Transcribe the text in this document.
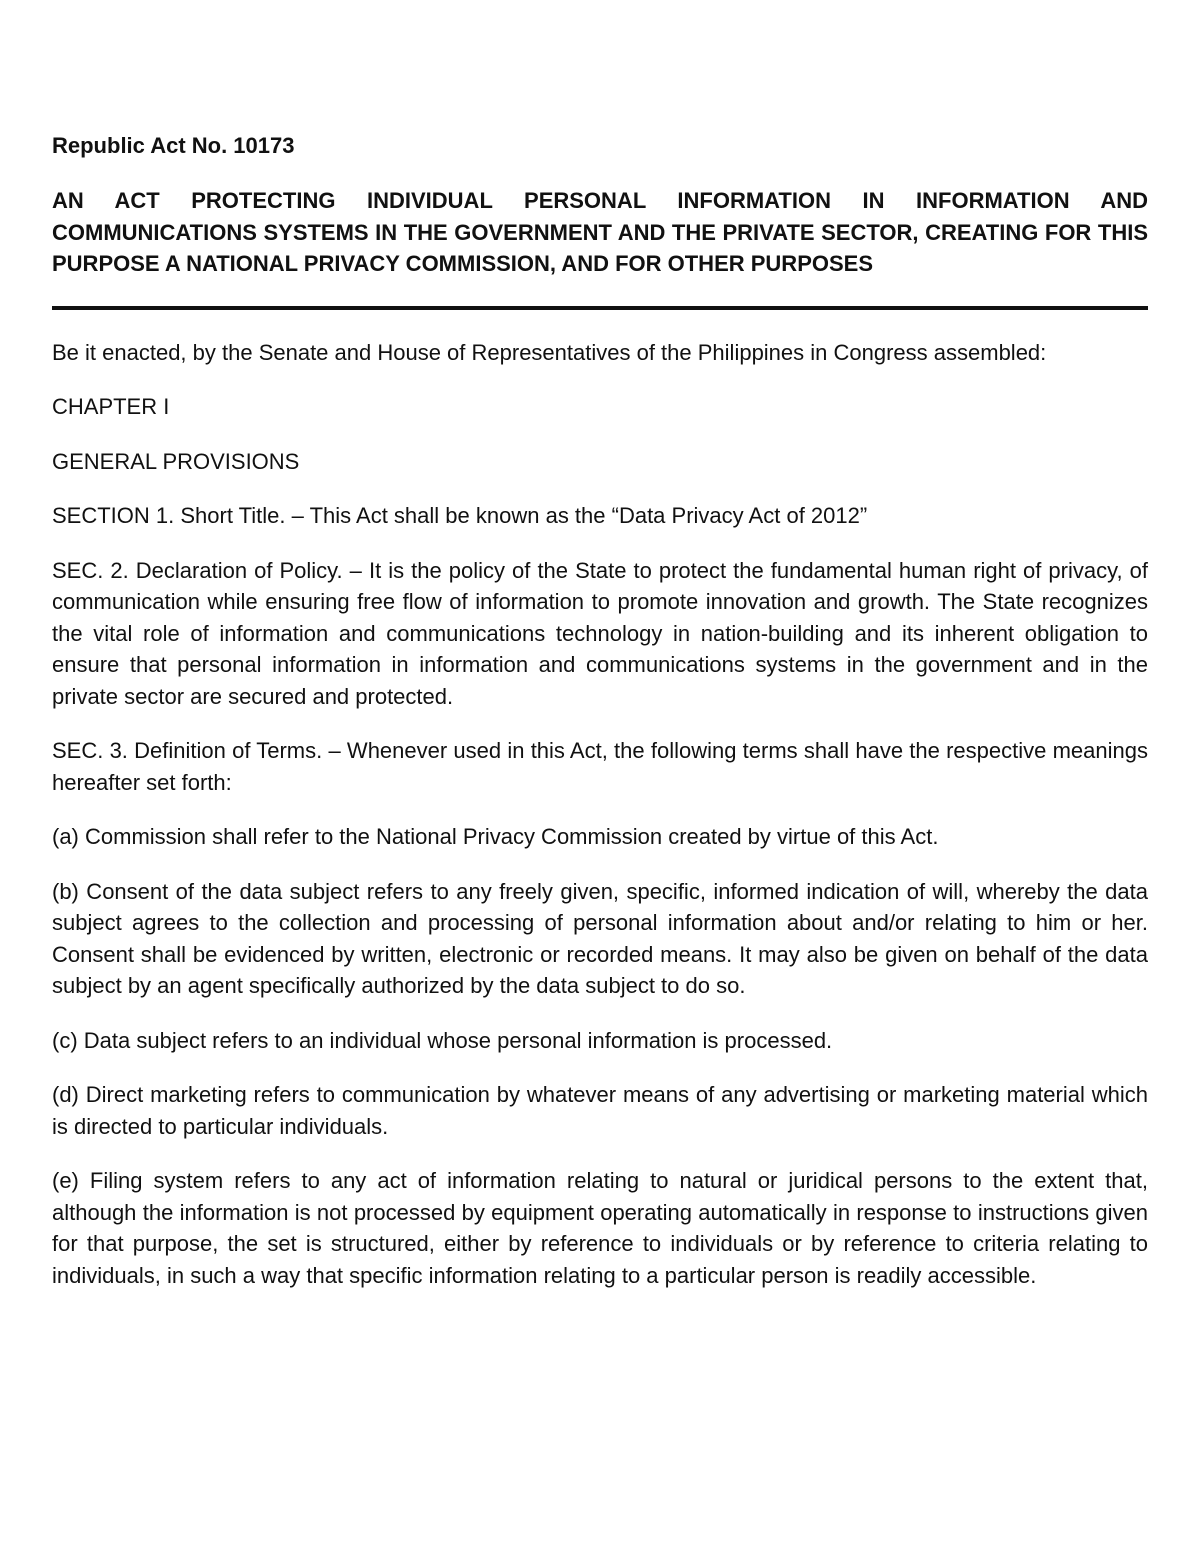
Republic Act No. 10173

AN ACT PROTECTING INDIVIDUAL PERSONAL INFORMATION IN INFORMATION AND COMMUNICATIONS SYSTEMS IN THE GOVERNMENT AND THE PRIVATE SECTOR, CREATING FOR THIS PURPOSE A NATIONAL PRIVACY COMMISSION, AND FOR OTHER PURPOSES

Be it enacted, by the Senate and House of Representatives of the Philippines in Congress assembled:

CHAPTER I

GENERAL PROVISIONS

SECTION 1. Short Title. – This Act shall be known as the “Data Privacy Act of 2012”

SEC. 2. Declaration of Policy. – It is the policy of the State to protect the fundamental human right of privacy, of communication while ensuring free flow of information to promote innovation and growth. The State recognizes the vital role of information and communications technology in nation-building and its inherent obligation to ensure that personal information in information and communications systems in the government and in the private sector are secured and protected.

SEC. 3. Definition of Terms. – Whenever used in this Act, the following terms shall have the respective meanings hereafter set forth:

(a) Commission shall refer to the National Privacy Commission created by virtue of this Act.

(b) Consent of the data subject refers to any freely given, specific, informed indication of will, whereby the data subject agrees to the collection and processing of personal information about and/or relating to him or her. Consent shall be evidenced by written, electronic or recorded means. It may also be given on behalf of the data subject by an agent specifically authorized by the data subject to do so.

(c) Data subject refers to an individual whose personal information is processed.

(d) Direct marketing refers to communication by whatever means of any advertising or marketing material which is directed to particular individuals.

(e) Filing system refers to any act of information relating to natural or juridical persons to the extent that, although the information is not processed by equipment operating automatically in response to instructions given for that purpose, the set is structured, either by reference to individuals or by reference to criteria relating to individuals, in such a way that specific information relating to a particular person is readily accessible.
